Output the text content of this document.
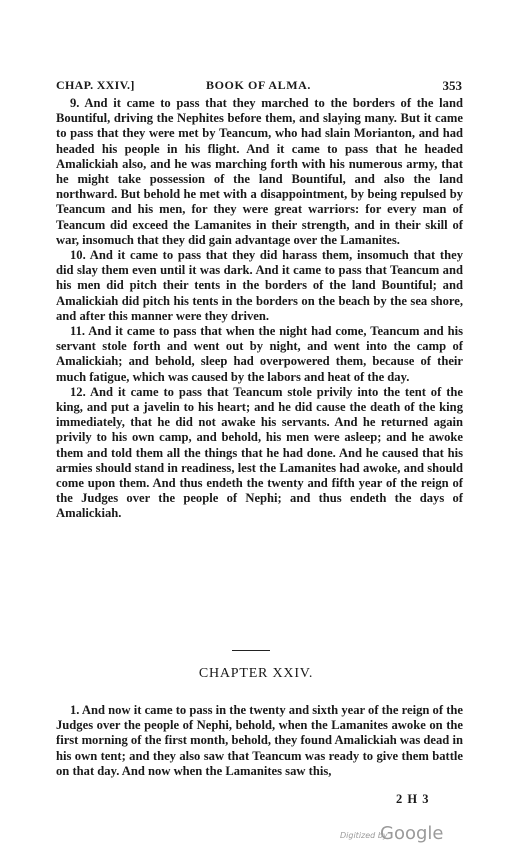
CHAP. XXIV.]	BOOK OF ALMA.	353

9. And it came to pass that they marched to the borders of the land Bountiful, driving the Nephites before them, and slaying many. But it came to pass that they were met by Teancum, who had slain Morianton, and had headed his people in his flight. And it came to pass that he headed Amalickiah also, and he was marching forth with his numerous army, that he might take possession of the land Bountiful, and also the land northward. But behold he met with a disappointment, by being repulsed by Teancum and his men, for they were great warriors: for every man of Teancum did exceed the Lamanites in their strength, and in their skill of war, insomuch that they did gain advantage over the Lamanites.

10. And it came to pass that they did harass them, insomuch that they did slay them even until it was dark. And it came to pass that Teancum and his men did pitch their tents in the borders of the land Bountiful; and Amalickiah did pitch his tents in the borders on the beach by the sea shore, and after this manner were they driven.

11. And it came to pass that when the night had come, Teancum and his servant stole forth and went out by night, and went into the camp of Amalickiah; and behold, sleep had overpowered them, because of their much fatigue, which was caused by the labors and heat of the day.

12. And it came to pass that Teancum stole privily into the tent of the king, and put a javelin to his heart; and he did cause the death of the king immediately, that he did not awake his servants. And he returned again privily to his own camp, and behold, his men were asleep; and he awoke them and told them all the things that he had done. And he caused that his armies should stand in readiness, lest the Lamanites had awoke, and should come upon them. And thus endeth the twenty and fifth year of the reign of the Judges over the people of Nephi; and thus endeth the days of Amalickiah.

CHAPTER XXIV.

1. And now it came to pass in the twenty and sixth year of the reign of the Judges over the people of Nephi, behold, when the Lamanites awoke on the first morning of the first month, behold, they found Amalickiah was dead in his own tent; and they also saw that Teancum was ready to give them battle on that day. And now when the Lamanites saw this,

2 H 3
Digitized by
Google
